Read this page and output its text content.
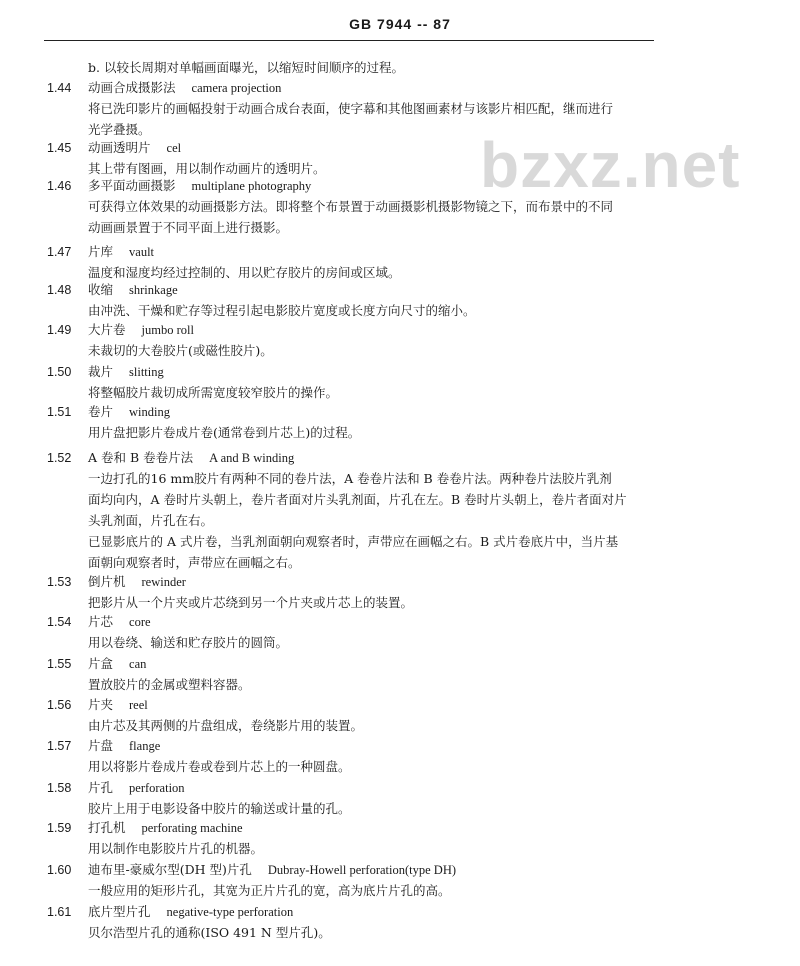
GB 7944 -- 87
bzxz.net
b. 以较长周期对单幅画面曝光，以缩短时间顺序的过程。
1.44 动画合成摄影法 camera projection
将已洗印影片的画幅投射于动画合成台表面，使字幕和其他图画素材与该影片相匹配，继而进行
光学叠摄。
1.45 动画透明片 cel
其上带有图画，用以制作动画片的透明片。
1.46 多平面动画摄影 multiplane photography
可获得立体效果的动画摄影方法。即将整个布景置于动画摄影机摄影物镜之下，而布景中的不同
动画画景置于不同平面上进行摄影。
1.47 片库 vault
温度和湿度均经过控制的、用以贮存胶片的房间或区域。
1.48 收缩 shrinkage
由冲洗、干燥和贮存等过程引起电影胶片宽度或长度方向尺寸的缩小。
1.49 大片卷 jumbo roll
未裁切的大卷胶片(或磁性胶片)。
1.50 裁片 slitting
将整幅胶片裁切成所需宽度较窄胶片的操作。
1.51 卷片 winding
用片盘把影片卷成片卷(通常卷到片芯上)的过程。
1.52 A 卷和 B 卷卷片法 A and B winding
一边打孔的16 mm胶片有两种不同的卷片法，A 卷卷片法和 B 卷卷片法。两种卷片法胶片乳剂
面均向内，A 卷时片头朝上，卷片者面对片头乳剂面，片孔在左。B 卷时片头朝上，卷片者面对片
头乳剂面，片孔在右。
已显影底片的 A 式片卷，当乳剂面朝向观察者时，声带应在画幅之右。B 式片卷底片中，当片基
面朝向观察者时，声带应在画幅之右。
1.53 倒片机 rewinder
把影片从一个片夹或片芯绕到另一个片夹或片芯上的装置。
1.54 片芯 core
用以卷绕、输送和贮存胶片的圆筒。
1.55 片盒 can
置放胶片的金属或塑料容器。
1.56 片夹 reel
由片芯及其两侧的片盘组成，卷绕影片用的装置。
1.57 片盘 flange
用以将影片卷成片卷或卷到片芯上的一种圆盘。
1.58 片孔 perforation
胶片上用于电影设备中胶片的输送或计量的孔。
1.59 打孔机 perforating machine
用以制作电影胶片片孔的机器。
1.60 迪布里-豪威尔型(DH 型)片孔 Dubray-Howell perforation(type DH)
一般应用的矩形片孔，其宽为正片片孔的宽，高为底片片孔的高。
1.61 底片型片孔 negative-type perforation
贝尔浩型片孔的通称(ISO 491 N 型片孔)。
